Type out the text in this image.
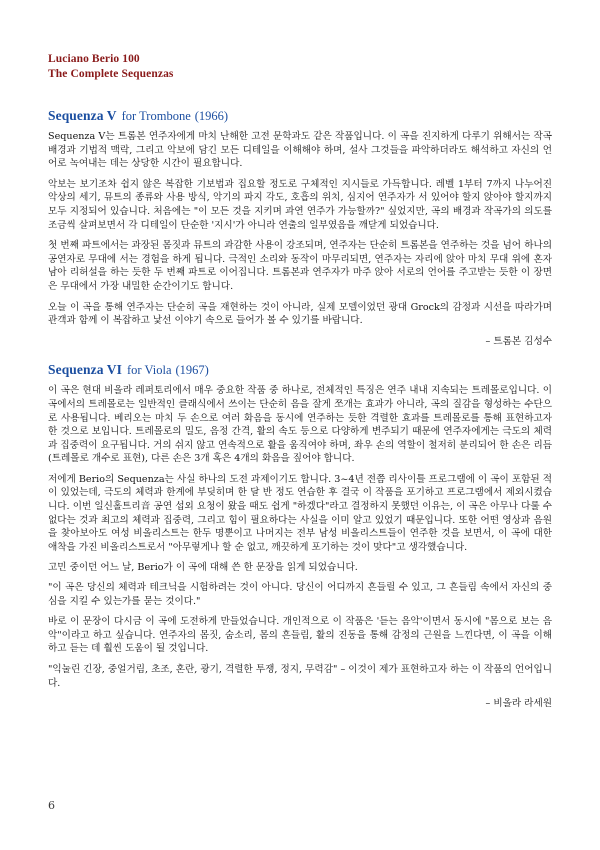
Luciano Berio 100
The Complete Sequenzas
Sequenza V for Trombone (1966)

Sequenza V는 트롬본 연주자에게 마치 난해한 고전 문학과도 같은 작품입니다. 이 곡을 진지하게 다루기 위해서는 작곡 배경과 기법적 맥락, 그리고 악보에 담긴 모든 디테일을 이해해야 하며, 설사 그것들을 파악하더라도 해석하고 자신의 언어로 녹여내는 데는 상당한 시간이 필요합니다.

악보는 보기조차 쉽지 않은 복잡한 기보법과 집요할 정도로 구체적인 지시들로 가득합니다. 레벨 1부터 7까지 나누어진 악상의 세기, 뮤트의 종류와 사용 방식, 악기의 파지 각도, 호흡의 위치, 심지어 연주자가 서 있어야 할지 앉아야 할지까지 모두 지정되어 있습니다. 처음에는 "이 모든 것을 지키며 과연 연주가 가능할까?" 싶었지만, 곡의 배경과 작곡가의 의도를 조금씩 살펴보면서 각 디테일이 단순한 '지시'가 아니라 연출의 일부였음을 깨닫게 되었습니다.

첫 번째 파트에서는 과장된 몸짓과 뮤트의 과감한 사용이 강조되며, 연주자는 단순히 트롬본을 연주하는 것을 넘어 하나의 공연자로 무대에 서는 경험을 하게 됩니다. 극적인 소리와 동작이 마무리되면, 연주자는 자리에 앉아 마치 무대 위에 혼자 남아 리허설을 하는 듯한 두 번째 파트로 이어집니다. 트롬본과 연주자가 마주 앉아 서로의 언어를 주고받는 듯한 이 장면은 무대에서 가장 내밀한 순간이기도 합니다.

오늘 이 곡을 통해 연주자는 단순히 곡을 재현하는 것이 아니라, 실제 모델이었던 광대 Grock의 감정과 시선을 따라가며 관객과 함께 이 복잡하고 낯선 이야기 속으로 들어가 볼 수 있기를 바랍니다.

– 트롬본 김성수

Sequenza VI for Viola (1967)

이 곡은 현대 비올라 레퍼토리에서 매우 중요한 작품 중 하나로, 전체적인 특징은 연주 내내 지속되는 트레몰로입니다. 이 곡에서의 트레몰로는 일반적인 클래식에서 쓰이는 단순히 음을 잘게 쪼개는 효과가 아니라, 곡의 질감을 형성하는 수단으로 사용됩니다. 베리오는 마치 두 손으로 여러 화음을 동시에 연주하는 듯한 격렬한 효과를 트레몰로를 통해 표현하고자 한 것으로 보입니다. 트레몰로의 밀도, 음정 간격, 활의 속도 등으로 다양하게 변주되기 때문에 연주자에게는 극도의 체력과 집중력이 요구됩니다. 거의 쉬지 않고 연속적으로 활을 움직여야 하며, 좌우 손의 역할이 철저히 분리되어 한 손은 리듬(트레몰로 개수로 표현), 다른 손은 3개 혹은 4개의 화음을 짚어야 합니다.

저에게 Berio의 Sequenza는 사실 하나의 도전 과제이기도 합니다. 3~4년 전쯤 리사이틀 프로그램에 이 곡이 포함된 적이 있었는데, 극도의 체력과 한계에 부딪히며 한 달 반 정도 연습한 후 결국 이 작품을 포기하고 프로그램에서 제외시켰습니다. 이번 일신홀트리音 공연 섭외 요청이 왔을 때도 쉽게 "하겠다"라고 결정하지 못했던 이유는, 이 곡은 아무나 다룰 수 없다는 것과 최고의 체력과 집중력, 그리고 힘이 필요하다는 사실을 이미 알고 있었기 때문입니다. 또한 어떤 영상과 음원을 찾아보아도 여성 비올리스트는 한두 명뿐이고 나머지는 전부 남성 비올리스트들이 연주한 것을 보면서, 이 곡에 대한 애착을 가진 비올리스트로서 "아무렇게나 할 순 없고, 깨끗하게 포기하는 것이 맞다"고 생각했습니다.

고민 중이던 어느 날, Berio가 이 곡에 대해 쓴 한 문장을 읽게 되었습니다.

"이 곡은 당신의 체력과 테크닉을 시험하려는 것이 아니다. 당신이 어디까지 흔들릴 수 있고, 그 흔들림 속에서 자신의 중심을 지킬 수 있는가를 묻는 것이다."

바로 이 문장이 다시금 이 곡에 도전하게 만들었습니다. 개인적으로 이 작품은 '듣는 음악'이면서 동시에 "몸으로 보는 음악"이라고 하고 싶습니다. 연주자의 몸짓, 숨소리, 몸의 흔들림, 활의 진동을 통해 감정의 근원을 느낀다면, 이 곡을 이해하고 듣는 데 훨씬 도움이 될 것입니다.

"익눌린 긴장, 중얼거림, 초조, 혼란, 광기, 격렬한 투쟁, 정지, 무력감" – 이것이 제가 표현하고자 하는 이 작품의 언어입니다.

– 비올라 라세원

6
